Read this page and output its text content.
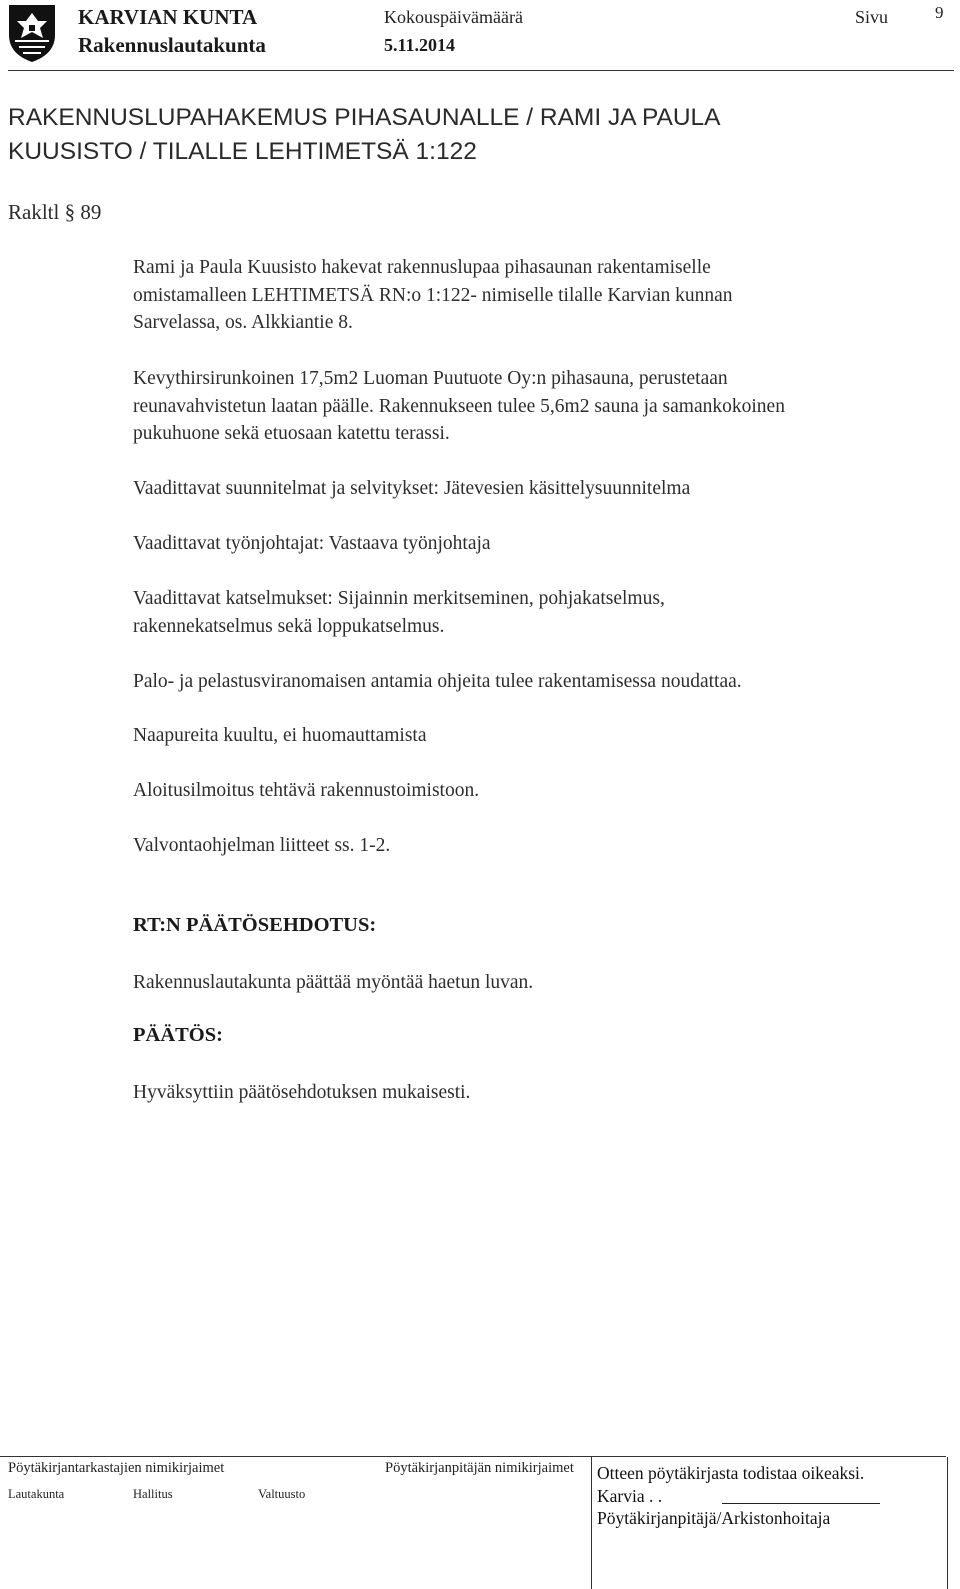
KARVIAN KUNTA
Rakennuslautakunta
Kokouspäivämäärä
5.11.2014
Sivu	9
RAKENNUSLUPAHAKEMUS PIHASAUNALLE / RAMI JA PAULA
KUUSISTO / TILALLE LEHTIMETSÄ 1:122
Rakltl § 89
Rami ja Paula Kuusisto hakevat rakennuslupaa pihasaunan rakentamiselle
omistamalleen LEHTIMETSÄ RN:o 1:122- nimiselle tilalle Karvian kunnan
Sarvelassa, os. Alkkiantie 8.
Kevythirsirunkoinen 17,5m2 Luoman Puutuote Oy:n pihasauna, perustetaan
reunavahvistetun laatan päälle. Rakennukseen tulee 5,6m2 sauna ja samankokoinen
pukuhuone sekä etuosaan katettu terassi.
Vaadittavat suunnitelmat ja selvitykset: Jätevesien käsittelysuunnitelma
Vaadittavat työnjohtajat: Vastaava työnjohtaja
Vaadittavat katselmukset: Sijainnin merkitseminen, pohjakatselmus,
rakennekatselmus sekä loppukatselmus.
Palo- ja pelastusviranomaisen antamia ohjeita tulee rakentamisessa noudattaa.
Naapureita kuultu, ei huomauttamista
Aloitusilmoitus tehtävä rakennustoimistoon.
Valvontaohjelman liitteet ss. 1-2.
RT:N PÄÄTÖSEHDOTUS:
Rakennuslautakunta päättää myöntää haetun luvan.
PÄÄTÖS:
Hyväksyttiin päätösehdotuksen mukaisesti.
Pöytäkirjantarkastajien nimikirjaimet	Pöytäkirjanpitäjän nimikirjaimet
Lautakunta	Hallitus	Valtuusto
Otteen pöytäkirjasta todistaa oikeaksi.
Karvia . .
Pöytäkirjanpitäjä/Arkistonhoitaja
